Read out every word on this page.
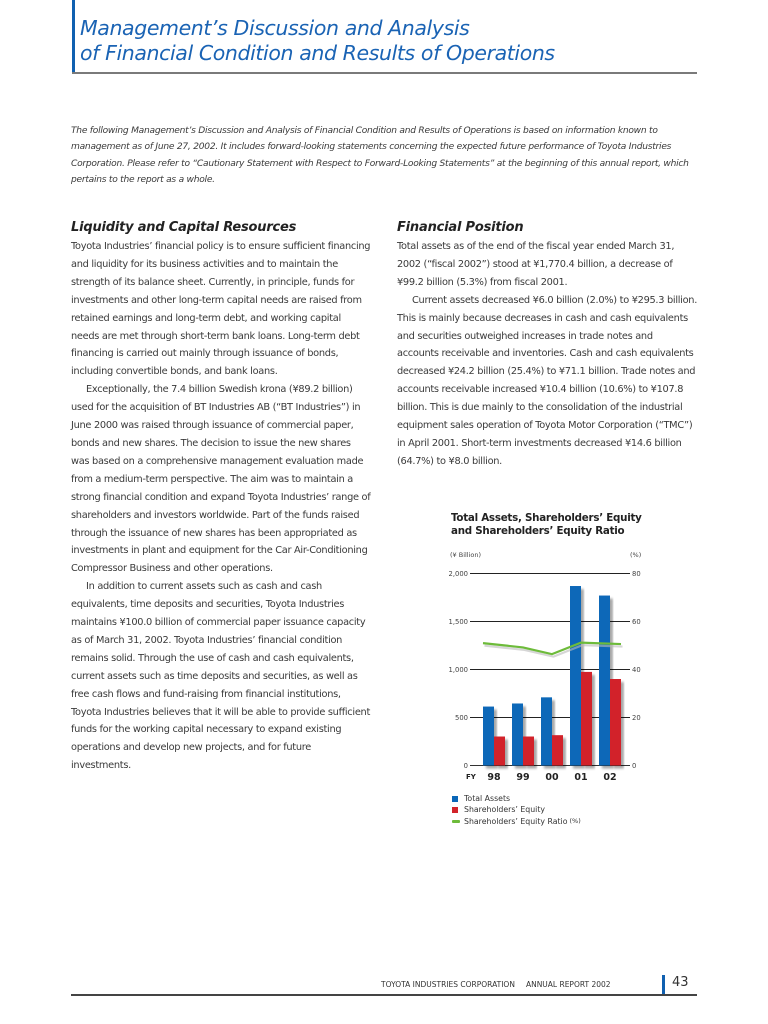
Management’s Discussion and Analysis
of Financial Condition and Results of Operations
The following Management’s Discussion and Analysis of Financial Condition and Results of Operations is based on information known to management as of June 27, 2002. It includes forward-looking statements concerning the expected future performance of Toyota Industries Corporation. Please refer to “Cautionary Statement with Respect to Forward-Looking Statements” at the beginning of this annual report, which pertains to the report as a whole.
Liquidity and Capital Resources

Toyota Industries’ financial policy is to ensure sufficient financing and liquidity for its business activities and to maintain the strength of its balance sheet. Currently, in principle, funds for investments and other long-term capital needs are raised from retained earnings and long-term debt, and working capital needs are met through short-term bank loans. Long-term debt financing is carried out mainly through issuance of bonds, including convertible bonds, and bank loans.

Exceptionally, the 7.4 billion Swedish krona (¥89.2 billion) used for the acquisition of BT Industries AB (“BT Industries”) in June 2000 was raised through issuance of commercial paper, bonds and new shares. The decision to issue the new shares was based on a comprehensive management evaluation made from a medium-term perspective. The aim was to maintain a strong financial condition and expand Toyota Industries’ range of shareholders and investors worldwide. Part of the funds raised through the issuance of new shares has been appropriated as investments in plant and equipment for the Car Air-Conditioning Compressor Business and other operations.

In addition to current assets such as cash and cash equivalents, time deposits and securities, Toyota Industries maintains ¥100.0 billion of commercial paper issuance capacity as of March 31, 2002. Toyota Industries’ financial condition remains solid. Through the use of cash and cash equivalents, current assets such as time deposits and securities, as well as free cash flows and fund-raising from financial institutions, Toyota Industries believes that it will be able to provide sufficient funds for the working capital necessary to expand existing operations and develop new projects, and for future investments.

Financial Position

Total assets as of the end of the fiscal year ended March 31, 2002 (“fiscal 2002”) stood at ¥1,770.4 billion, a decrease of ¥99.2 billion (5.3%) from fiscal 2001.

Current assets decreased ¥6.0 billion (2.0%) to ¥295.3 billion. This is mainly because decreases in cash and cash equivalents and securities outweighed increases in trade notes and accounts receivable and inventories. Cash and cash equivalents decreased ¥24.2 billion (25.4%) to ¥71.1 billion. Trade notes and accounts receivable increased ¥10.4 billion (10.6%) to ¥107.8 billion. This is due mainly to the consolidation of the industrial equipment sales operation of Toyota Motor Corporation (“TMC”) in April 2001. Short-term investments decreased ¥14.6 billion (64.7%) to ¥8.0 billion.

Total Assets, Shareholders’ Equity
and Shareholders’ Equity Ratio
(¥ Billion)	(%)
0
500
1,000
1,500
2,000
0
20
40
60
80
FY 98 99 00 01 02
Total Assets
Shareholders’ Equity
Shareholders’ Equity Ratio (%)
TOYOTA INDUSTRIES CORPORATION ANNUAL REPORT 2002	43
